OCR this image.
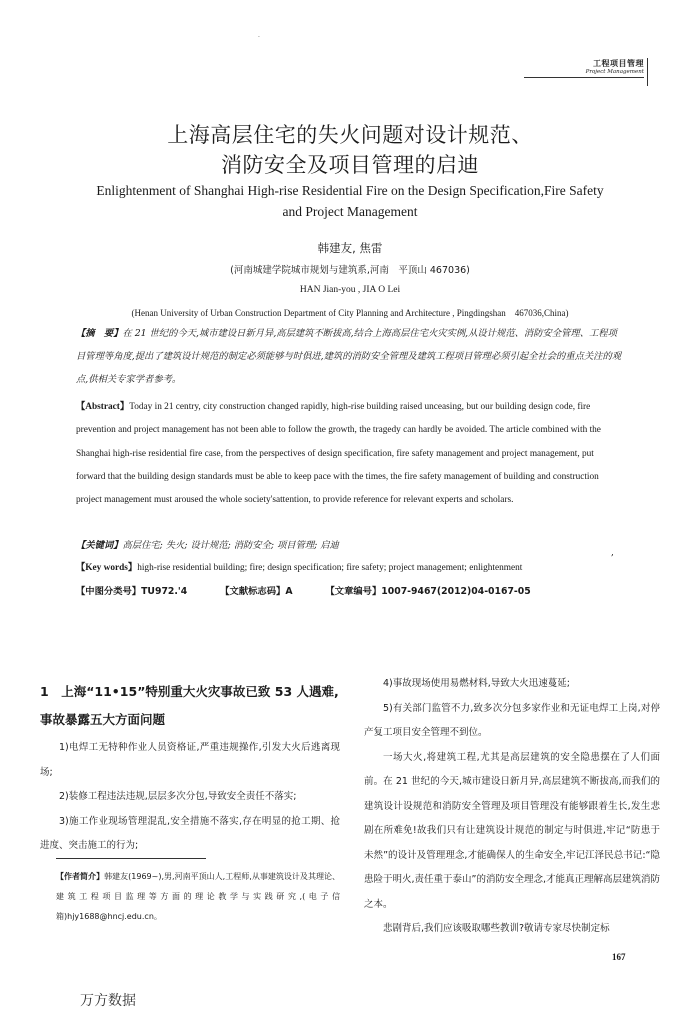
·
工程项目管理
Project Management
上海高层住宅的失火问题对设计规范、
消防安全及项目管理的启迪
Enlightenment of Shanghai High-rise Residential Fire on the Design Specification,Fire Safety
and Project Management
韩建友, 焦雷
(河南城建学院城市规划与建筑系,河南　平顶山 467036)
HAN Jian-you , JIA O Lei
(Henan University of Urban Construction Department of City Planning and Architecture , Pingdingshan　467036,China)
【摘　要】在 21 世纪的今天,城市建设日新月异,高层建筑不断拔高,结合上海高层住宅火灾实例,从设计规范、消防安全管理、工程项目管理等角度,提出了建筑设计规范的制定必须能够与时俱进,建筑的消防安全管理及建筑工程项目管理必须引起全社会的重点关注的观点,供相关专家学者参考。
【Abstract】Today in 21 centry, city construction changed rapidly, high-rise building raised unceasing, but our building design code, fire prevention and project management has not been able to follow the growth, the tragedy can hardly be avoided. The article combined with the Shanghai high-rise residential fire case, from the perspectives of design specification, fire safety management and project management, put forward that the building design standards must be able to keep pace with the times, the fire safety management of building and construction project management must aroused the whole society'sattention, to provide reference for relevant experts and scholars.
【关键词】高层住宅; 失火; 设计规范; 消防安全; 项目管理; 启迪
,
【Key words】high-rise residential building; fire; design specification; fire safety; project management; enlightenment
【中图分类号】TU972.'4	【文献标志码】A	【文章编号】1007-9467(2012)04-0167-05
1　上海“11•15”特别重大火灾事故已致 53 人遇难,事故暴露五大方面问题

1)电焊工无特种作业人员资格证,严重违规操作,引发大火后逃离现场;

2)装修工程违法违规,层层多次分包,导致安全责任不落实;

3)施工作业现场管理混乱,安全措施不落实,存在明显的抢工期、抢进度、突击施工的行为;

【作者简介】韩建友(1969~),男,河南平顶山人,工程师,从事建筑设计及其理论、建筑工程项目监理等方面的理论教学与实践研究,(电子信箱)hjy1688@hncj.edu.cn。

4)事故现场使用易燃材料,导致大火迅速蔓延;

5)有关部门监管不力,致多次分包多家作业和无证电焊工上岗,对停产复工项目安全管理不到位。

一场大火,将建筑工程,尤其是高层建筑的安全隐患摆在了人们面前。在 21 世纪的今天,城市建设日新月异,高层建筑不断拔高,而我们的建筑设计设规范和消防安全管理及项目管理没有能够跟着生长,发生悲剧在所难免!故我们只有让建筑设计规范的制定与时俱进,牢记“防患于未然”的设计及管理理念,才能确保人的生命安全,牢记江泽民总书记:“隐患险于明火,责任重于泰山”的消防安全理念,才能真正理解高层建筑消防之本。

悲剧背后,我们应该吸取哪些教训?敬请专家尽快制定标

167
万方数据
